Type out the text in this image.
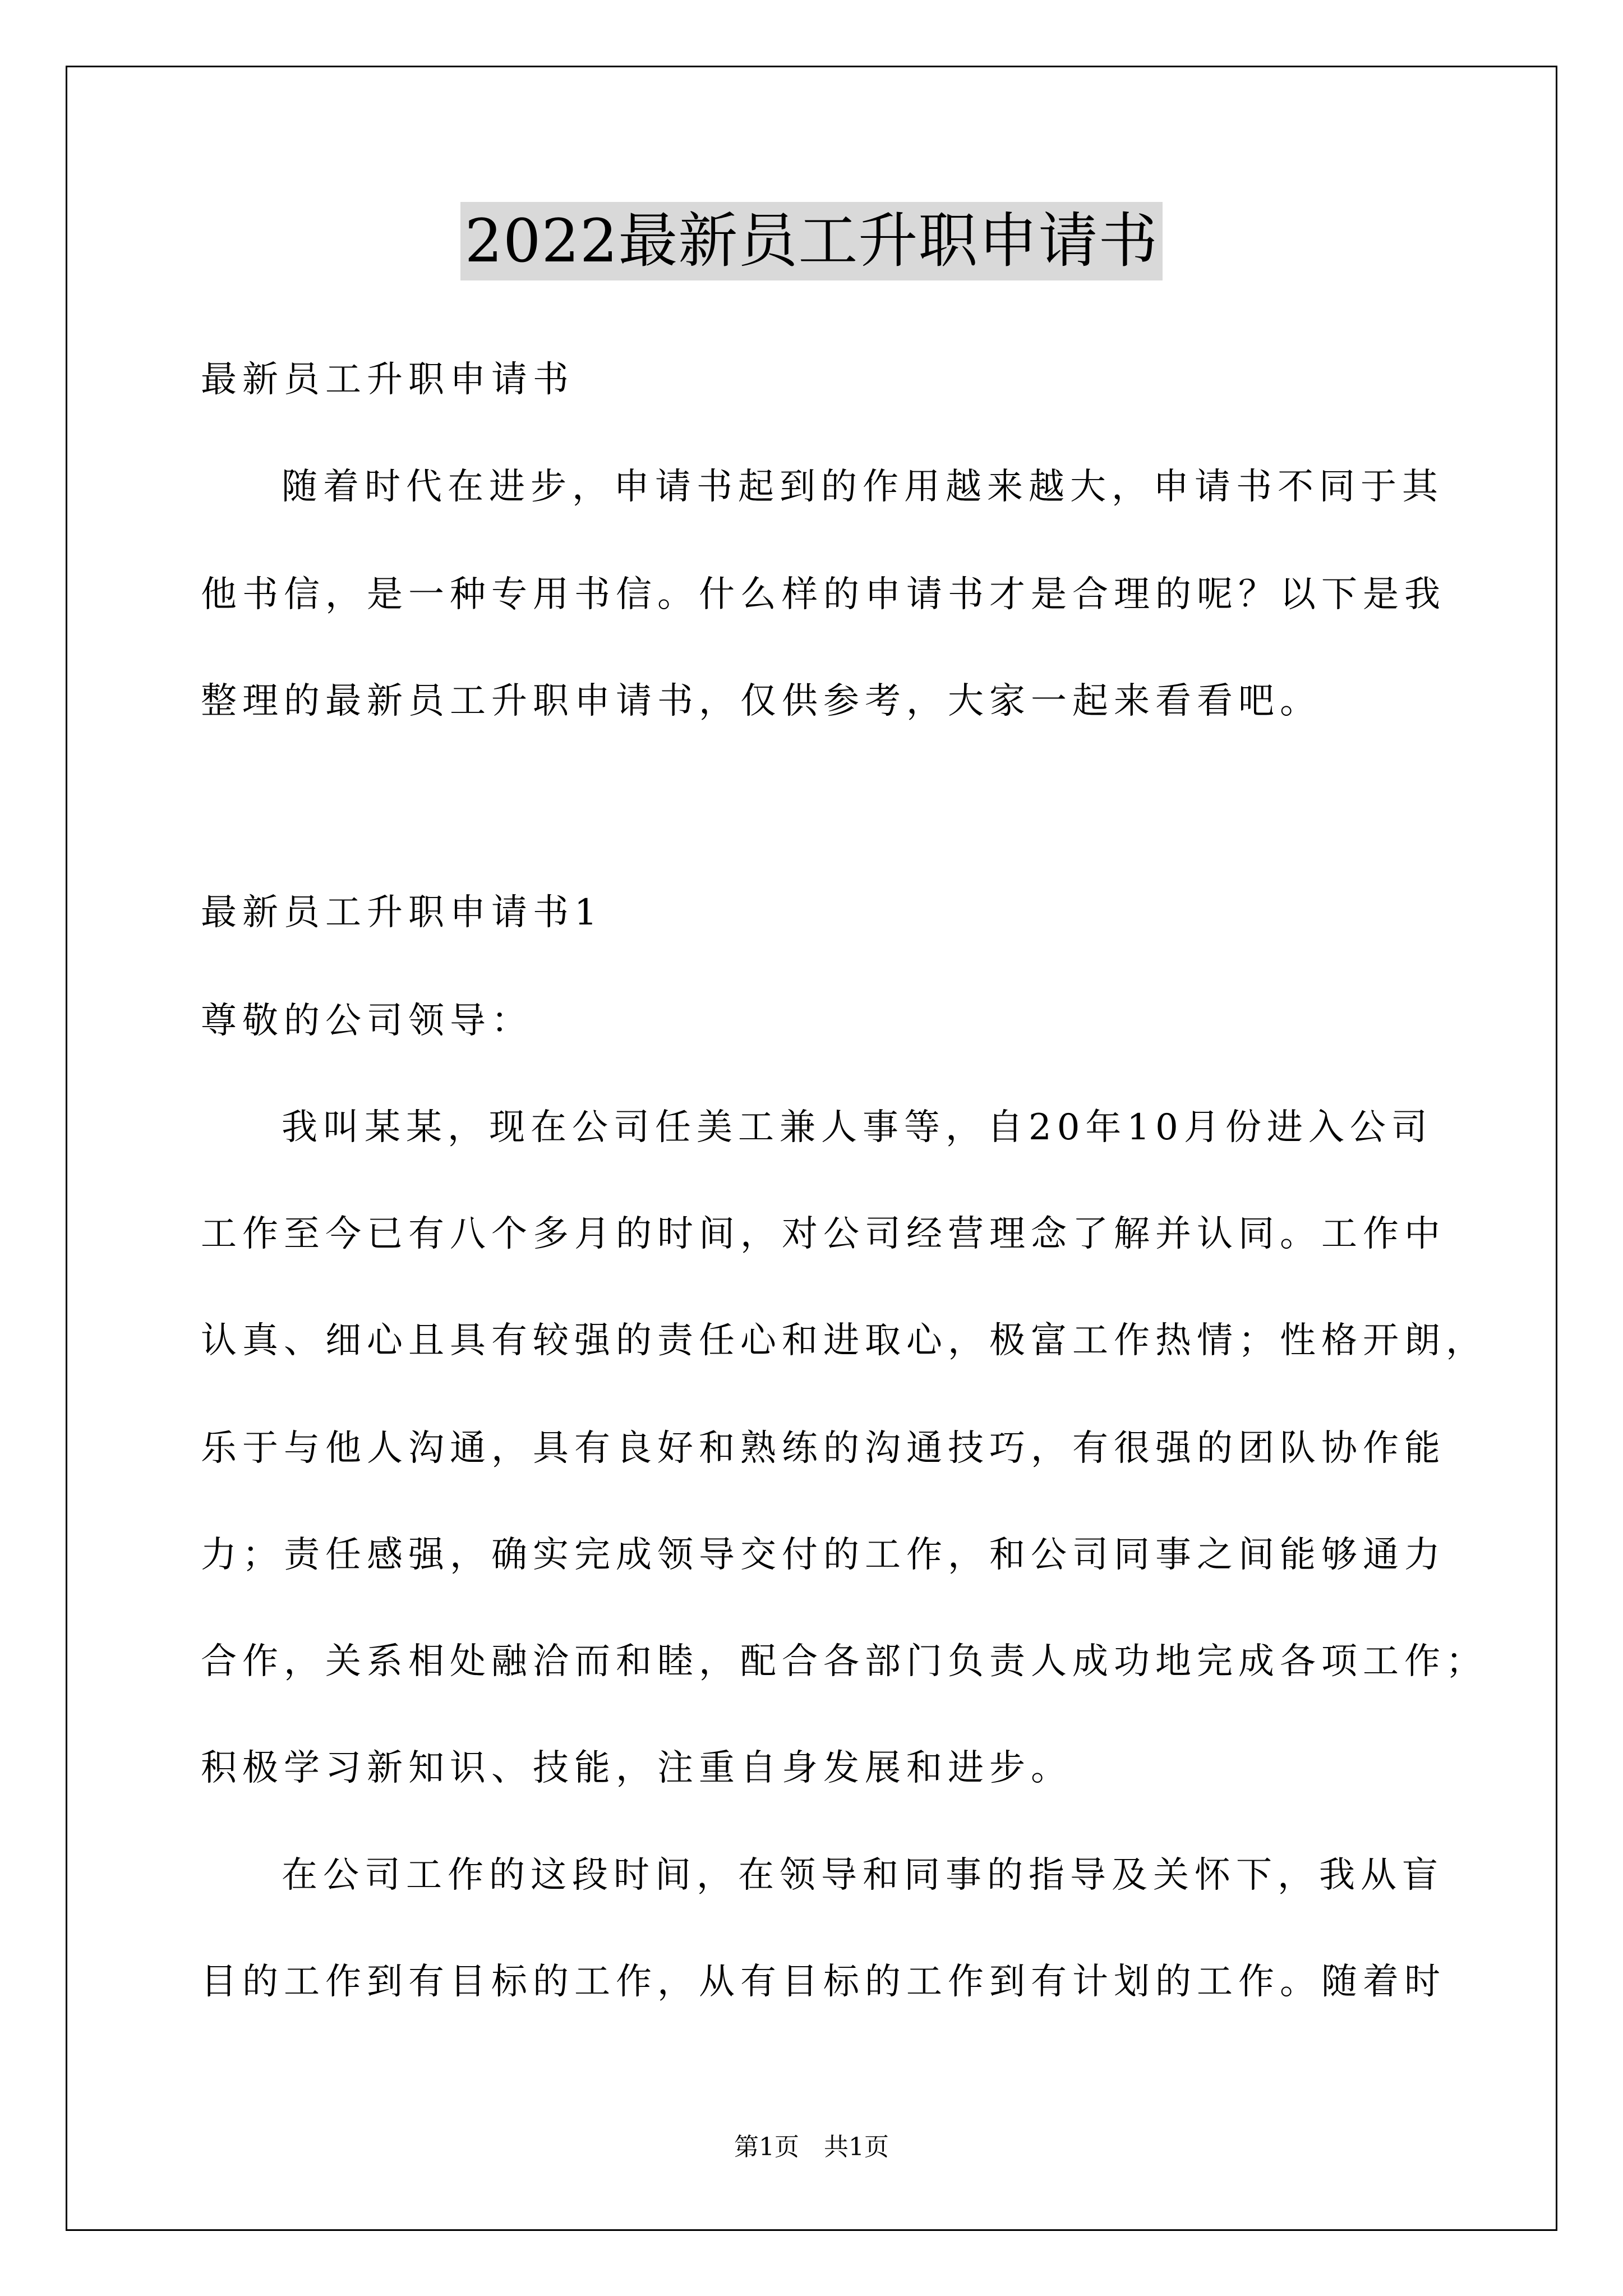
2022最新员工升职申请书
最新员工升职申请书
随着时代在进步，申请书起到的作用越来越大，申请书不同于其
他书信，是一种专用书信。什么样的申请书才是合理的呢？以下是我
整理的最新员工升职申请书，仅供参考，大家一起来看看吧。
最新员工升职申请书1
尊敬的公司领导：
我叫某某，现在公司任美工兼人事等，自20年10月份进入公司
工作至今已有八个多月的时间，对公司经营理念了解并认同。工作中
认真、细心且具有较强的责任心和进取心，极富工作热情；性格开朗，
乐于与他人沟通，具有良好和熟练的沟通技巧，有很强的团队协作能
力；责任感强，确实完成领导交付的工作，和公司同事之间能够通力
合作，关系相处融洽而和睦，配合各部门负责人成功地完成各项工作；
积极学习新知识、技能，注重自身发展和进步。
在公司工作的这段时间，在领导和同事的指导及关怀下，我从盲
目的工作到有目标的工作，从有目标的工作到有计划的工作。随着时
第1页　共1页
